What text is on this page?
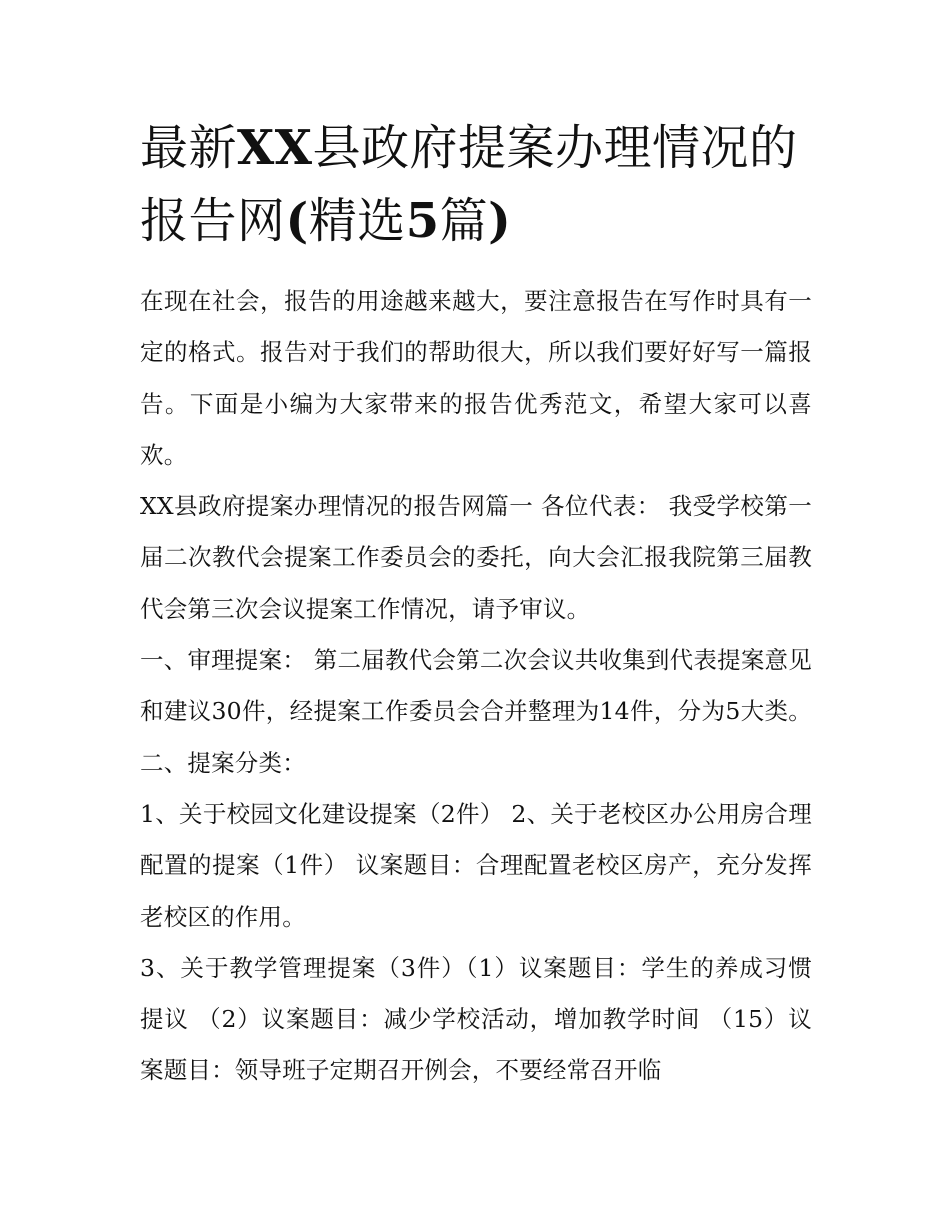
最新XX县政府提案办理情况的报告网(精选5篇)

在现在社会，报告的用途越来越大，要注意报告在写作时具有一定的格式。报告对于我们的帮助很大，所以我们要好好写一篇报告。下面是小编为大家带来的报告优秀范文，希望大家可以喜欢。

XX县政府提案办理情况的报告网篇一 各位代表： 我受学校第一届二次教代会提案工作委员会的委托，向大会汇报我院第三届教代会第三次会议提案工作情况，请予审议。

一、审理提案： 第二届教代会第二次会议共收集到代表提案意见和建议30件，经提案工作委员会合并整理为14件，分为5大类。 二、提案分类：

1、关于校园文化建设提案（2件） 2、关于老校区办公用房合理配置的提案（1件） 议案题目：合理配置老校区房产，充分发挥老校区的作用。

3、关于教学管理提案（3件）（1）议案题目：学生的养成习惯提议 （2）议案题目：减少学校活动，增加教学时间 （15）议案题目：领导班子定期召开例会，不要经常召开临
